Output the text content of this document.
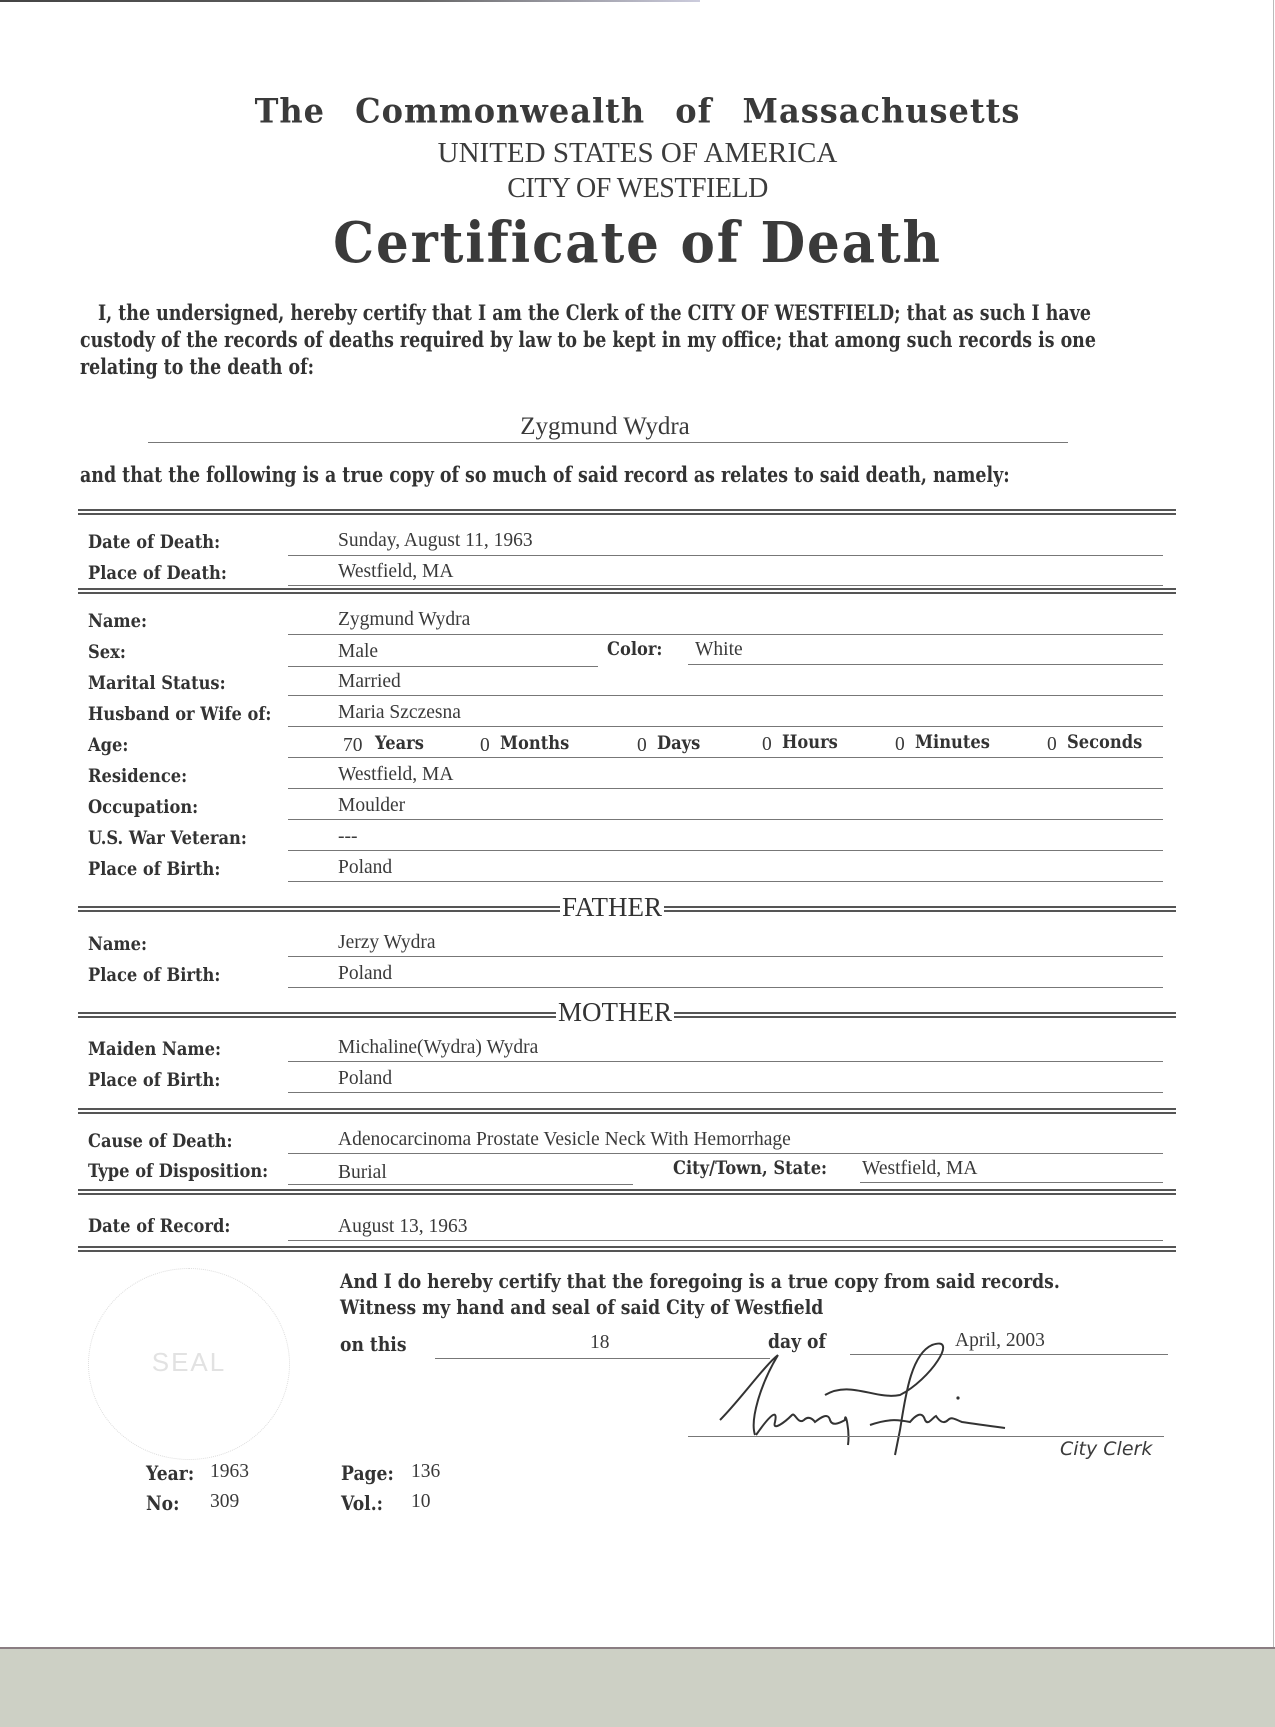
The Commonwealth of Massachusetts
UNITED STATES OF AMERICA
CITY OF WESTFIELD
Certificate of Death
I, the undersigned, hereby certify that I am the Clerk of the CITY OF WESTFIELD; that as such I have custody of the records of deaths required by law to be kept in my office; that among such records is one relating to the death of:
Zygmund Wydra
and that the following is a true copy of so much of said record as relates to said death, namely:
Date of Death:	Sunday, August 11, 1963
Place of Death:	Westfield, MA
Name:	Zygmund Wydra
Sex:	Male	Color: White
Marital Status:	Married
Husband or Wife of:	Maria Szczesna
Age:	70 Years	0 Months	0 Days	0 Hours	0 Minutes	0 Seconds
Residence:	Westfield, MA
Occupation:	Moulder
U.S. War Veteran:	---
Place of Birth:	Poland
FATHER
Name:	Jerzy Wydra
Place of Birth:	Poland
MOTHER
Maiden Name:	Michaline(Wydra) Wydra
Place of Birth:	Poland
Cause of Death:	Adenocarcinoma Prostate Vesicle Neck With Hemorrhage
Type of Disposition:	Burial	City/Town, State: Westfield, MA
Date of Record:	August 13, 1963
SEAL
And I do hereby certify that the foregoing is a true copy from said records.
Witness my hand and seal of said City of Westfield
on this	18	day of	April, 2003
City Clerk
Year: 1963
No: 309
Page: 136
Vol.: 10
